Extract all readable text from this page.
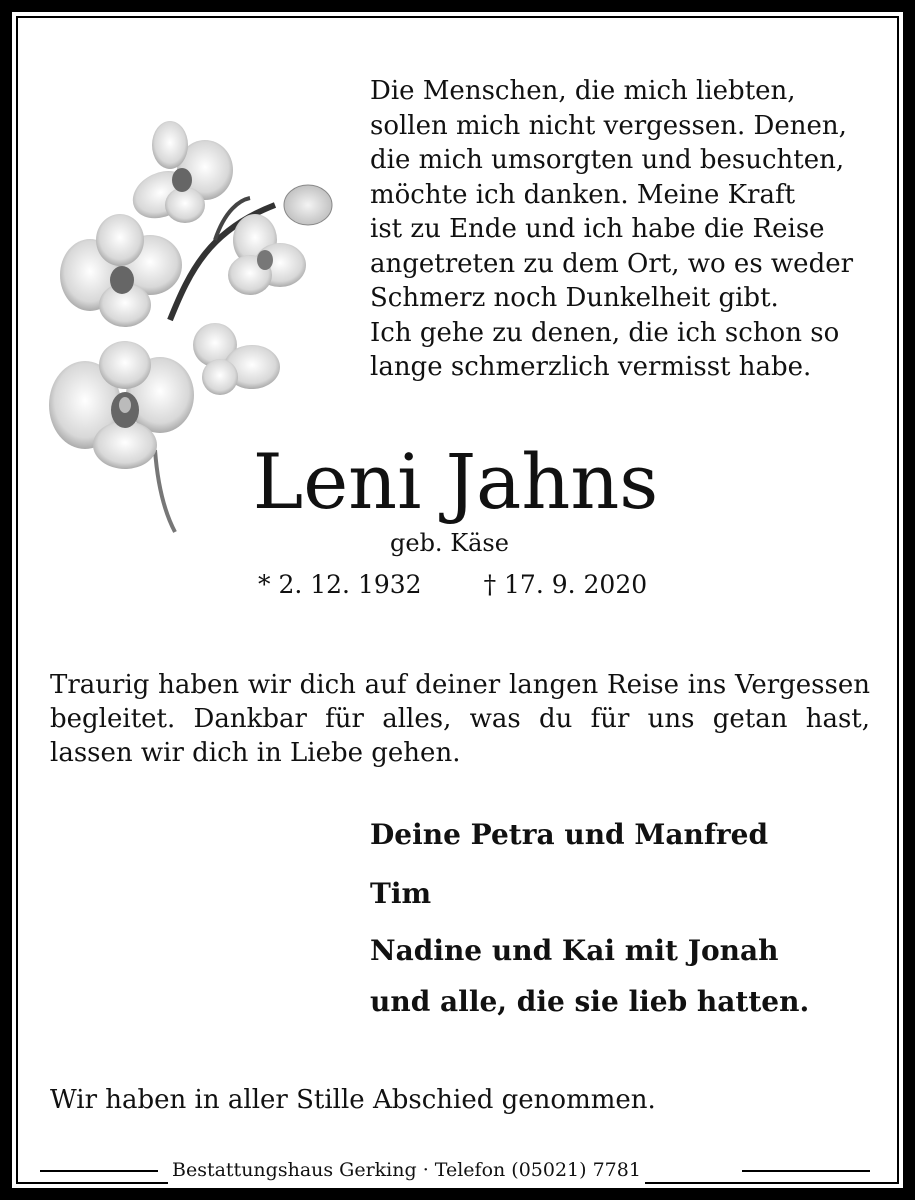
Die Menschen, die mich liebten,
sollen mich nicht vergessen. Denen,
die mich umsorgten und besuchten,
möchte ich danken. Meine Kraft
ist zu Ende und ich habe die Reise
angetreten zu dem Ort, wo es weder
Schmerz noch Dunkelheit gibt.
Ich gehe zu denen, die ich schon so
lange schmerzlich vermisst habe.
Leni Jahns
geb. Käse
* 2. 12. 1932 † 17. 9. 2020
Traurig haben wir dich auf deiner langen Reise ins Vergessen
begleitet. Dankbar für alles, was du für uns getan hast,
lassen wir dich in Liebe gehen.
Deine Petra und Manfred
Tim
Nadine und Kai mit Jonah
und alle, die sie lieb hatten.
Wir haben in aller Stille Abschied genommen.
Bestattungshaus Gerking · Telefon (05021) 7781
